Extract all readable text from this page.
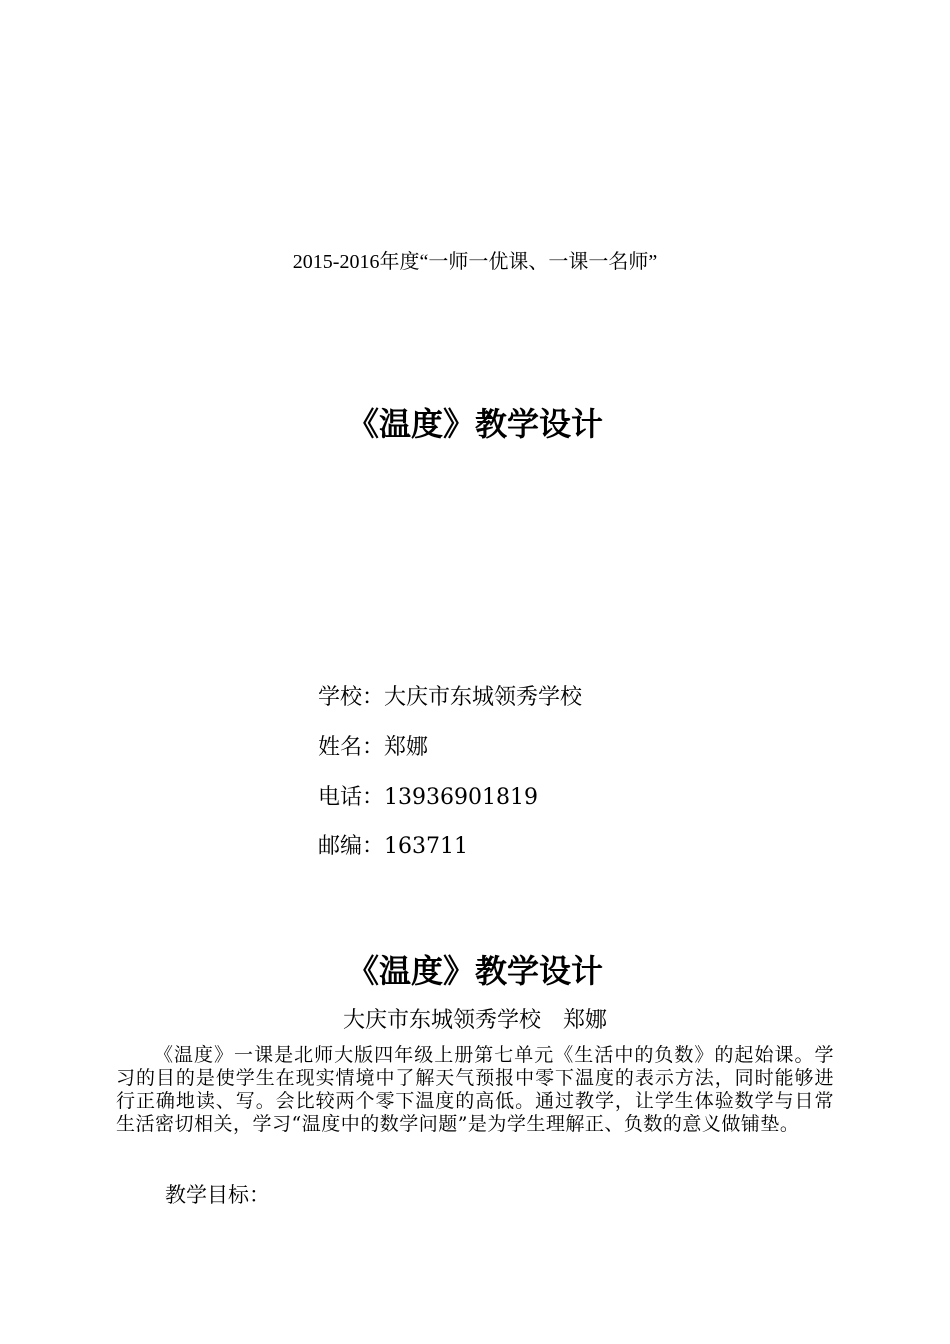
2015-2016年度“一师一优课、一课一名师”
《温度》教学设计
学校：大庆市东城领秀学校
姓名：郑娜
电话：13936901819
邮编：163711
《温度》教学设计
大庆市东城领秀学校　郑娜

《温度》一课是北师大版四年级上册第七单元《生活中的负数》的起始课。学习的目的是使学生在现实情境中了解天气预报中零下温度的表示方法，同时能够进行正确地读、写。会比较两个零下温度的高低。通过教学，让学生体验数学与日常生活密切相关，学习“温度中的数学问题”是为学生理解正、负数的意义做铺垫。

教学目标：
